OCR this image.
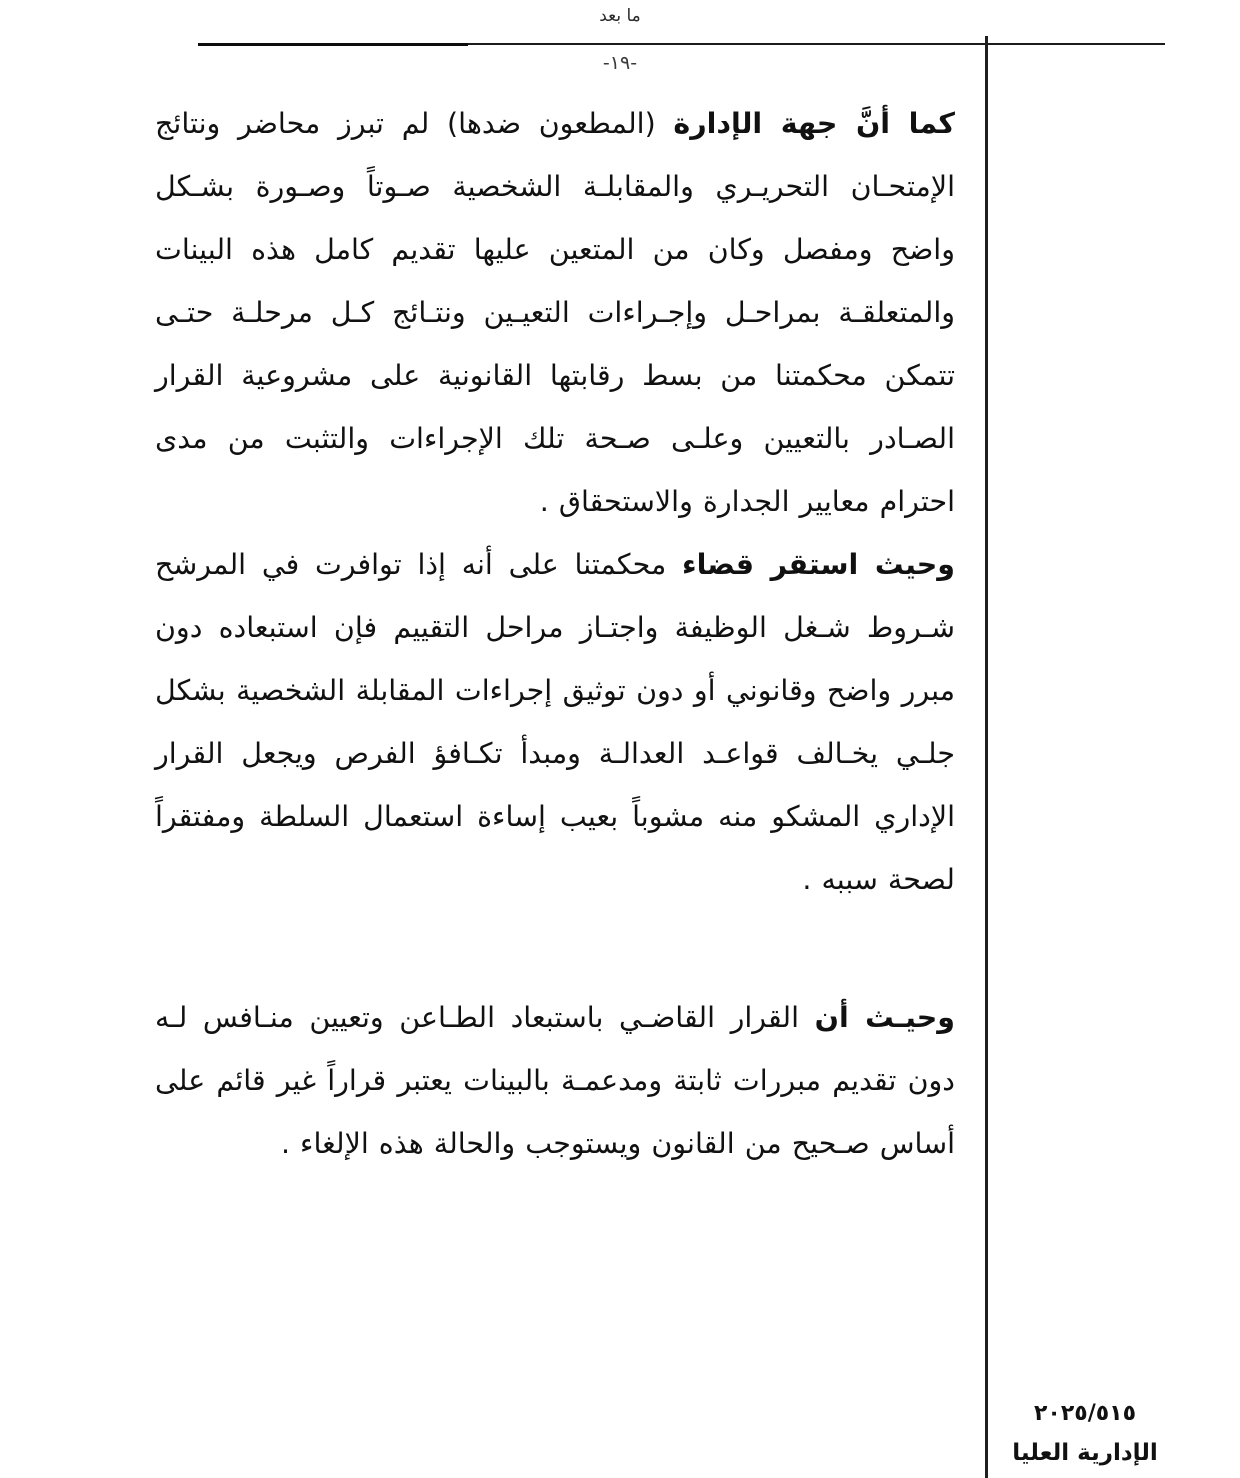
ما بعد
-١٩-

كما أنَّ جهة الإدارة (المطعون ضدها) لم تبرز محاضر ونتائج الإمتحـان التحريـري والمقابلـة الشخصية صـوتاً وصـورة بشـكل واضح ومفصل وكان من المتعين عليها تقديم كامل هذه البينات والمتعلقـة بمراحـل وإجـراءات التعيـين ونتـائج كـل مرحلـة حتـى تتمكن محكمتنا من بسط رقابتها القانونية على مشروعية القرار الصـادر بالتعيين وعلـى صـحة تلك الإجراءات والتثبت من مدى احترام معايير الجدارة والاستحقاق .

وحيث استقر قضاء محكمتنا على أنه إذا توافرت في المرشح شـروط شـغل الوظيفة واجتـاز مراحل التقييم فإن استبعاده دون مبرر واضح وقانوني أو دون توثيق إجراءات المقابلة الشخصية بشكل جلـي يخـالف قواعـد العدالـة ومبدأ تكـافؤ الفرص ويجعل القرار الإداري المشكو منه مشوباً بعيب إساءة استعمال السلطة ومفتقراً لصحة سببه .

وحيـث أن القرار القاضـي باستبعاد الطـاعن وتعيين منـافس لـه دون تقديم مبررات ثابتة ومدعمـة بالبينات يعتبر قراراً غير قائم على أساس صـحيح من القانون ويستوجب والحالة هذه الإلغاء .

٢٠٢٥/٥١٥
الإدارية العليا
